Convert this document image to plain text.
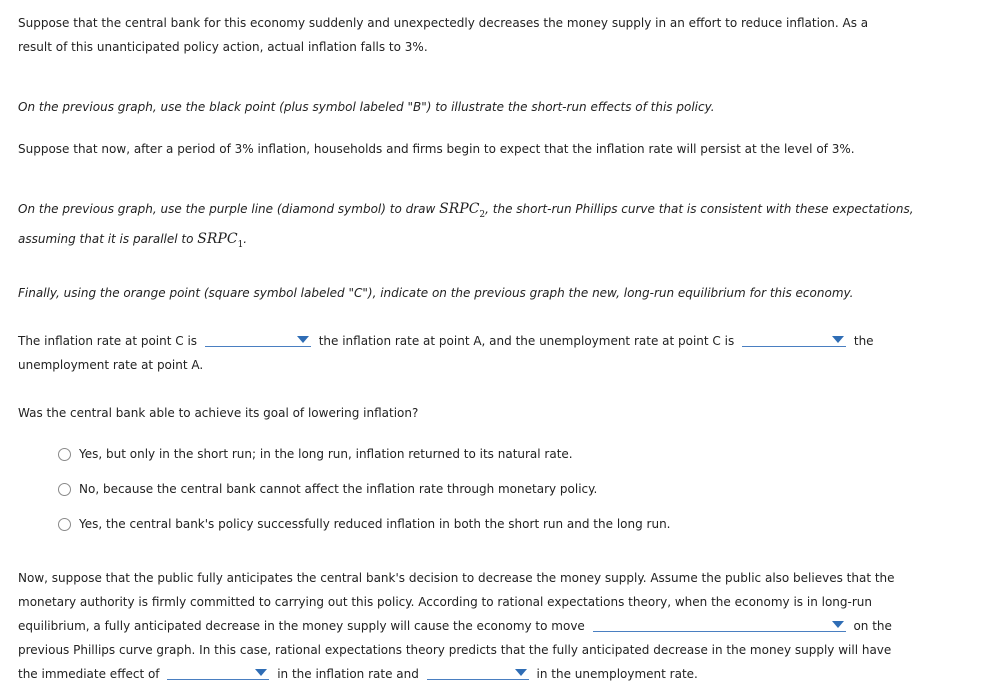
Suppose that the central bank for this economy suddenly and unexpectedly decreases the money supply in an effort to reduce inflation. As a
result of this unanticipated policy action, actual inflation falls to 3%.

On the previous graph, use the black point (plus symbol labeled "B") to illustrate the short-run effects of this policy.

Suppose that now, after a period of 3% inflation, households and firms begin to expect that the inflation rate will persist at the level of 3%.

On the previous graph, use the purple line (diamond symbol) to draw $SRPC_2$, the short-run Phillips curve that is consistent with these expectations,
assuming that it is parallel to $SRPC_1$.

Finally, using the orange point (square symbol labeled "C"), indicate on the previous graph the new, long-run equilibrium for this economy.

The inflation rate at point C is	the inflation rate at point A, and the unemployment rate at point C is	the
unemployment rate at point A.

Was the central bank able to achieve its goal of lowering inflation?

Yes, but only in the short run; in the long run, inflation returned to its natural rate.
No, because the central bank cannot affect the inflation rate through monetary policy.
Yes, the central bank's policy successfully reduced inflation in both the short run and the long run.

Now, suppose that the public fully anticipates the central bank's decision to decrease the money supply. Assume the public also believes that the
monetary authority is firmly committed to carrying out this policy. According to rational expectations theory, when the economy is in long-run
equilibrium, a fully anticipated decrease in the money supply will cause the economy to move	on the
previous Phillips curve graph. In this case, rational expectations theory predicts that the fully anticipated decrease in the money supply will have
the immediate effect of	in the inflation rate and	in the unemployment rate.
